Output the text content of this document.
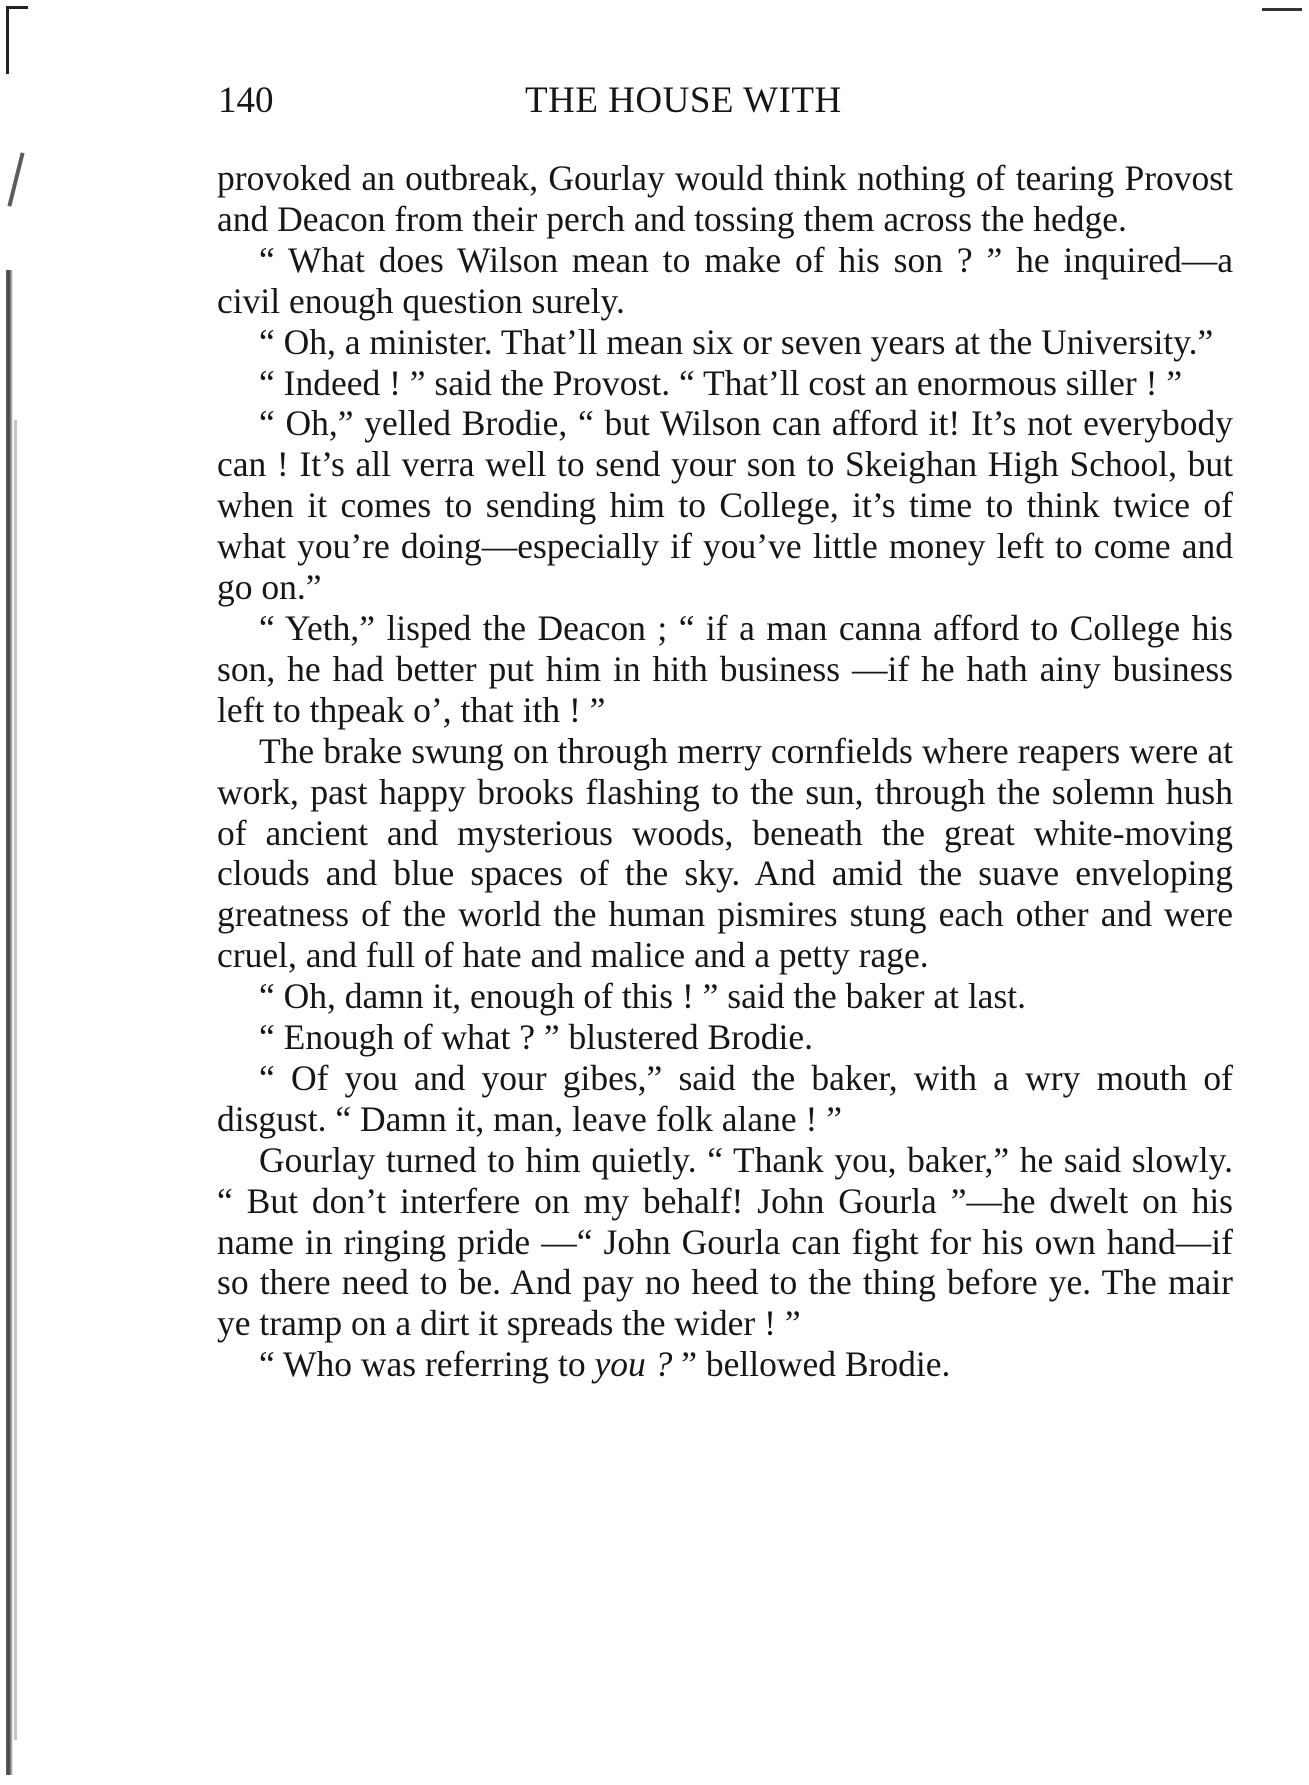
140	THE HOUSE WITH

provoked an outbreak, Gourlay would think nothing of tearing Provost and Deacon from their perch and tossing them across the hedge.

“ What does Wilson mean to make of his son ? ” he inquired—a civil enough question surely.

“ Oh, a minister. That’ll mean six or seven years at the University.”

“ Indeed ! ” said the Provost. “ That’ll cost an enormous siller ! ”

“ Oh,” yelled Brodie, “ but Wilson can afford it! It’s not everybody can ! It’s all verra well to send your son to Skeighan High School, but when it comes to sending him to College, it’s time to think twice of what you’re doing—especially if you’ve little money left to come and go on.”

“ Yeth,” lisped the Deacon ; “ if a man canna afford to College his son, he had better put him in hith business —if he hath ainy business left to thpeak o’, that ith ! ”

The brake swung on through merry cornfields where reapers were at work, past happy brooks flashing to the sun, through the solemn hush of ancient and mysterious woods, beneath the great white-moving clouds and blue spaces of the sky. And amid the suave enveloping greatness of the world the human pismires stung each other and were cruel, and full of hate and malice and a petty rage.

“ Oh, damn it, enough of this ! ” said the baker at last.

“ Enough of what ? ” blustered Brodie.

“ Of you and your gibes,” said the baker, with a wry mouth of disgust. “ Damn it, man, leave folk alane ! ”

Gourlay turned to him quietly. “ Thank you, baker,” he said slowly. “ But don’t interfere on my behalf! John Gourla ”—he dwelt on his name in ringing pride —“ John Gourla can fight for his own hand—if so there need to be. And pay no heed to the thing before ye. The mair ye tramp on a dirt it spreads the wider ! ”

“ Who was referring to you ? ” bellowed Brodie.
